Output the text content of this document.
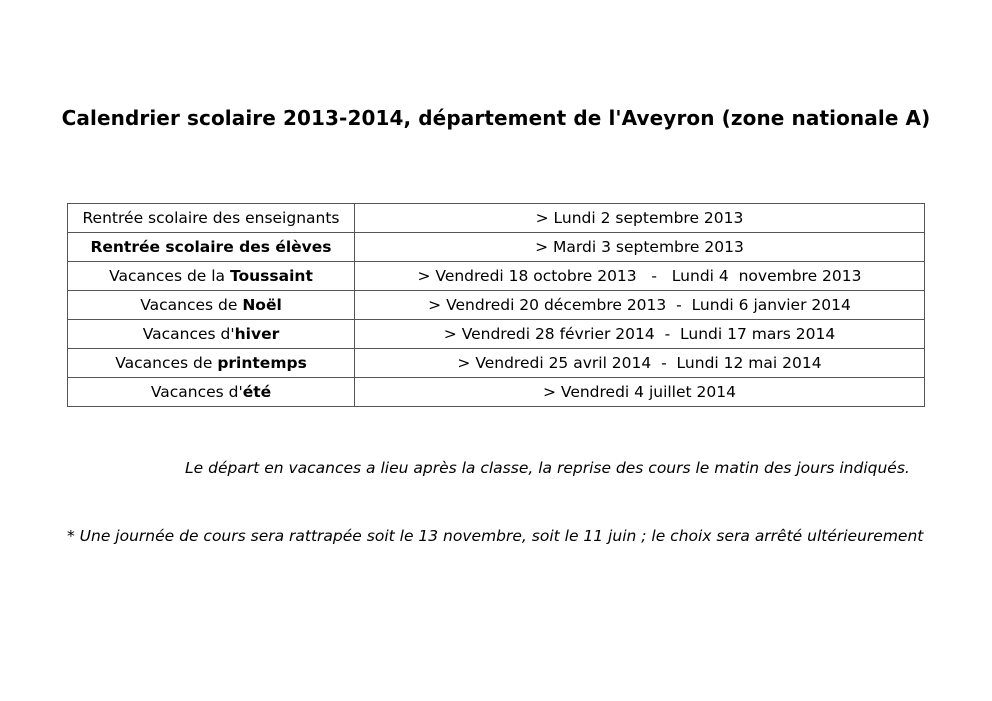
Calendrier scolaire 2013-2014, département de l'Aveyron (zone nationale A)
Rentrée scolaire des enseignants	> Lundi 2 septembre 2013
Rentrée scolaire des élèves	> Mardi 3 septembre 2013
Vacances de la Toussaint	> Vendredi 18 octobre 2013   -   Lundi 4  novembre 2013
Vacances de Noël	> Vendredi 20 décembre 2013  -  Lundi 6 janvier 2014
Vacances d'hiver	> Vendredi 28 février 2014  -  Lundi 17 mars 2014
Vacances de printemps	> Vendredi 25 avril 2014  -  Lundi 12 mai 2014
Vacances d'été	> Vendredi 4 juillet 2014
Le départ en vacances a lieu après la classe, la reprise des cours le matin des jours indiqués.
* Une journée de cours sera rattrapée soit le 13 novembre, soit le 11 juin ; le choix sera arrêté ultérieurement
